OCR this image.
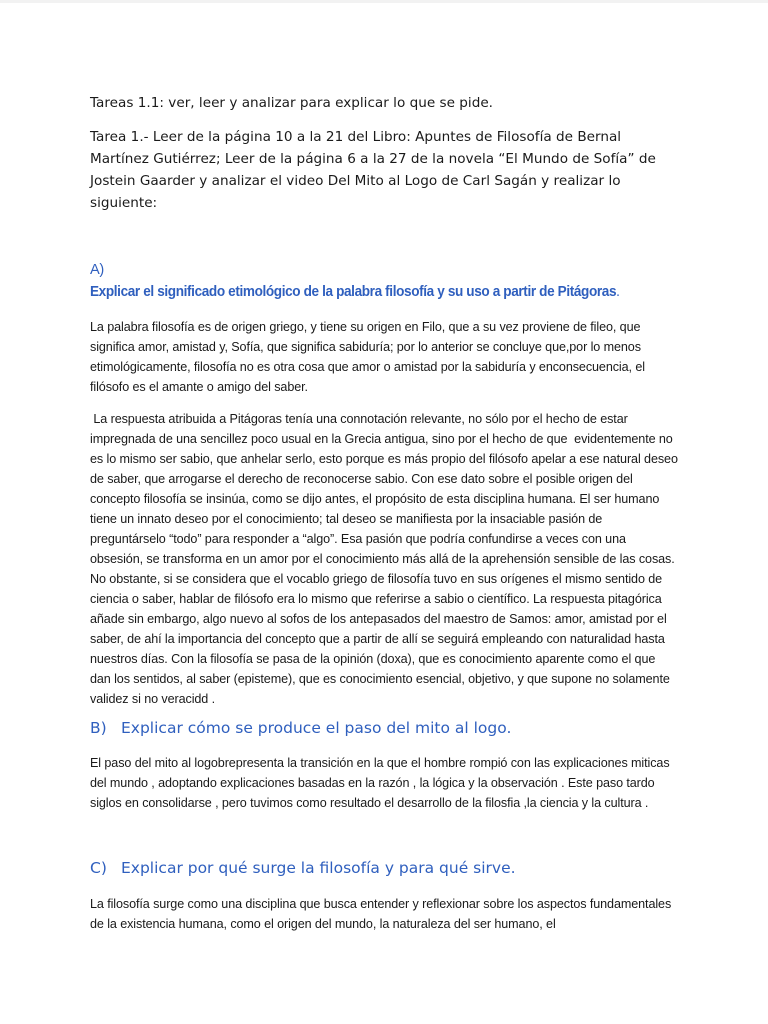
Tareas 1.1: ver, leer y analizar para explicar lo que se pide.

Tarea 1.- Leer de la página 10 a la 21 del Libro: Apuntes de Filosofía de Bernal Martínez Gutiérrez; Leer de la página 6 a la 27 de la novela “El Mundo de Sofía” de Jostein Gaarder y analizar el video Del Mito al Logo de Carl Sagán y realizar lo siguiente:

A)Explicar el significado etimológico de la palabra filosofía y su uso a partir de Pitágoras.

La palabra filosofía es de origen griego, y tiene su origen en Filo, que a su vez proviene de fileo, que significa amor, amistad y, Sofía, que significa sabiduría; por lo anterior se concluye que,por lo menos etimológicamente, filosofía no es otra cosa que amor o amistad por la sabiduría y enconsecuencia, el filósofo es el amante o amigo del saber.

La respuesta atribuida a Pitágoras tenía una connotación relevante, no sólo por el hecho de estar impregnada de una sencillez poco usual en la Grecia antigua, sino por el hecho de que  evidentemente no es lo mismo ser sabio, que anhelar serlo, esto porque es más propio del filósofo apelar a ese natural deseo de saber, que arrogarse el derecho de reconocerse sabio. Con ese dato sobre el posible origen del concepto filosofía se insinúa, como se dijo antes, el propósito de esta disciplina humana. El ser humano tiene un innato deseo por el conocimiento; tal deseo se manifiesta por la insaciable pasión de preguntárselo “todo” para responder a “algo”. Esa pasión que podría confundirse a veces con una obsesión, se transforma en un amor por el conocimiento más allá de la aprehensión sensible de las cosas. No obstante, si se considera que el vocablo griego de filosofía tuvo en sus orígenes el mismo sentido de ciencia o saber, hablar de filósofo era lo mismo que referirse a sabio o científico. La respuesta pitagórica añade sin embargo, algo nuevo al sofos de los antepasados del maestro de Samos: amor, amistad por el saber, de ahí la importancia del concepto que a partir de allí se seguirá empleando con naturalidad hasta nuestros días. Con la filosofía se pasa de la opinión (doxa), que es conocimiento aparente como el que dan los sentidos, al saber (episteme), que es conocimiento esencial, objetivo, y que supone no solamente validez si no veracidd .

B) Explicar cómo se produce el paso del mito al logo.

El paso del mito al logobrepresenta la transición en la que el hombre rompió con las explicaciones miticas del mundo , adoptando explicaciones basadas en la razón , la lógica y la observación . Este paso tardo siglos en consolidarse , pero tuvimos como resultado el desarrollo de la filosfia ,la ciencia y la cultura .

C) Explicar por qué surge la filosofía y para qué sirve.

La filosofía surge como una disciplina que busca entender y reflexionar sobre los aspectos fundamentales de la existencia humana, como el origen del mundo, la naturaleza del ser humano, el
